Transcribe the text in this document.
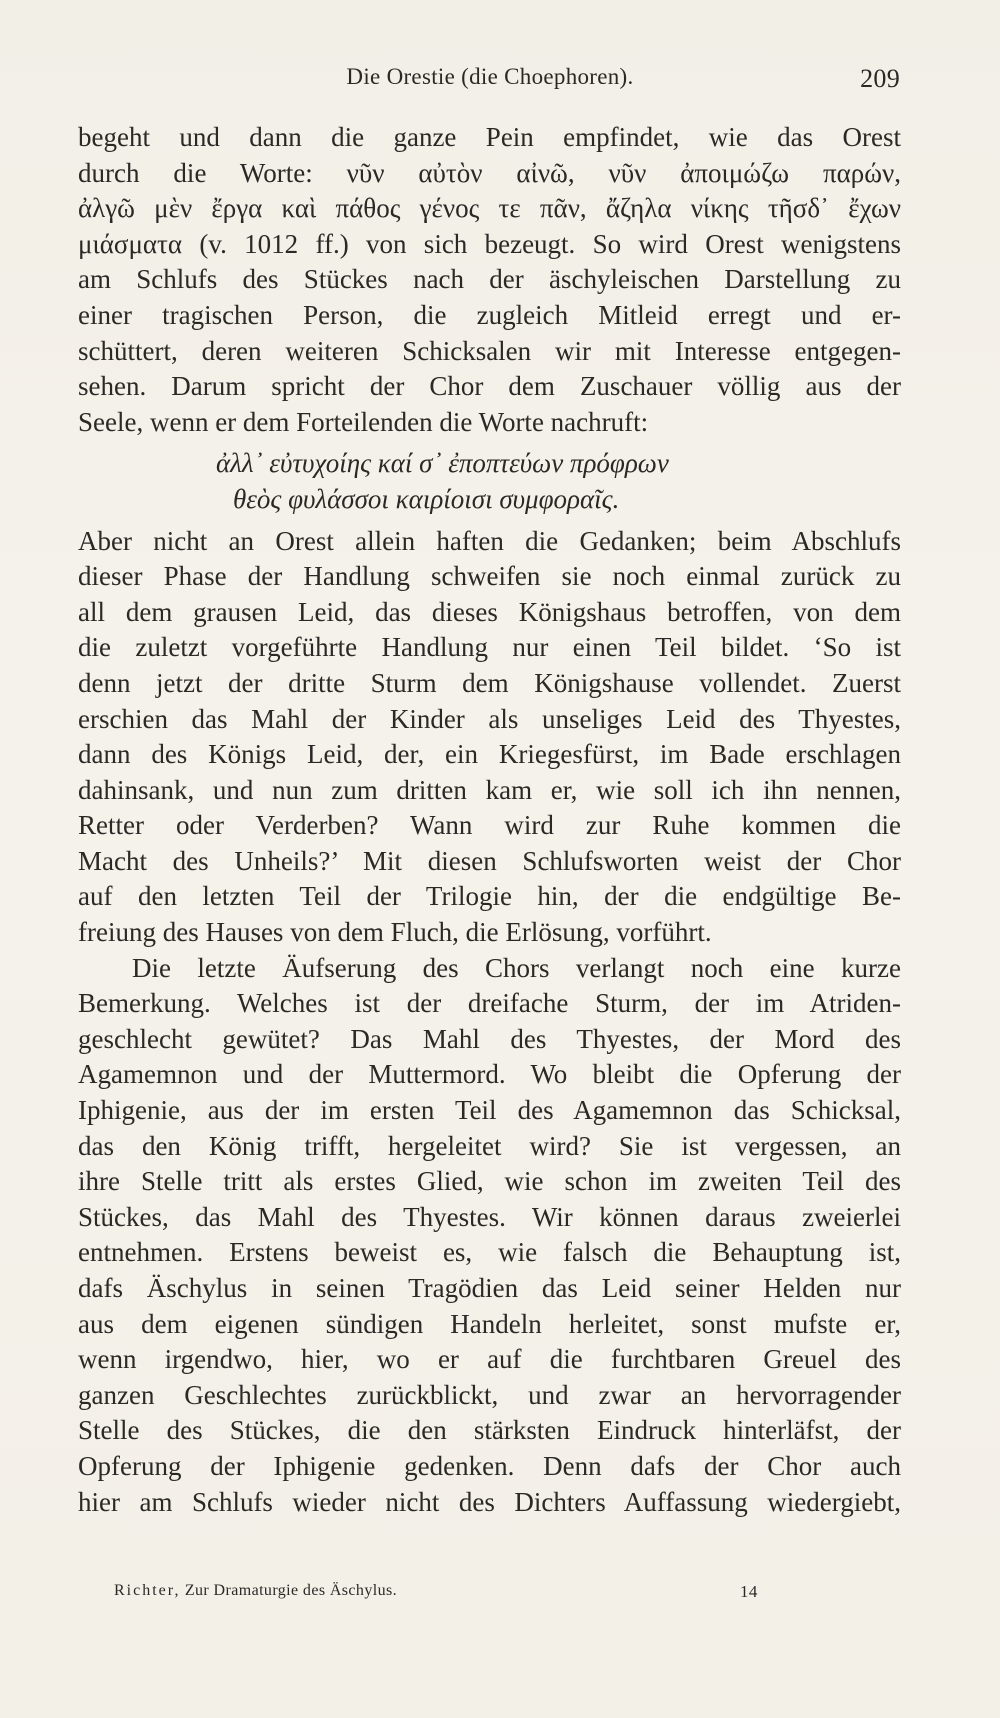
Die Orestie (die Choephoren).	209
begeht und dann die ganze Pein empfindet, wie das Orest
durch die Worte: νῦν αὐτὸν αἰνῶ, νῦν ἀποιμώζω παρών,
ἀλγῶ μὲν ἔργα καὶ πάθος γένος τε πᾶν, ἄζηλα νίκης τῆσδ᾽ ἔχων
μιάσματα (v. 1012 ff.) von sich bezeugt. So wird Orest wenigstens
am Schlufs des Stückes nach der äschyleischen Darstellung zu
einer tragischen Person, die zugleich Mitleid erregt und er-
schüttert, deren weiteren Schicksalen wir mit Interesse entgegen-
sehen. Darum spricht der Chor dem Zuschauer völlig aus der
Seele, wenn er dem Forteilenden die Worte nachruft:
ἀλλ᾽ εὐτυχοίης καί σ᾽ ἐποπτεύων πρόφρων
θεὸς φυλάσσοι καιρίοισι συμφοραῖς.
Aber nicht an Orest allein haften die Gedanken; beim Abschlufs
dieser Phase der Handlung schweifen sie noch einmal zurück zu
all dem grausen Leid, das dieses Königshaus betroffen, von dem
die zuletzt vorgeführte Handlung nur einen Teil bildet. ‘So ist
denn jetzt der dritte Sturm dem Königshause vollendet. Zuerst
erschien das Mahl der Kinder als unseliges Leid des Thyestes,
dann des Königs Leid, der, ein Kriegesfürst, im Bade erschlagen
dahinsank, und nun zum dritten kam er, wie soll ich ihn nennen,
Retter oder Verderben? Wann wird zur Ruhe kommen die
Macht des Unheils?’ Mit diesen Schlufsworten weist der Chor
auf den letzten Teil der Trilogie hin, der die endgültige Be-
freiung des Hauses von dem Fluch, die Erlösung, vorführt.
Die letzte Äufserung des Chors verlangt noch eine kurze
Bemerkung. Welches ist der dreifache Sturm, der im Atriden-
geschlecht gewütet? Das Mahl des Thyestes, der Mord des
Agamemnon und der Muttermord. Wo bleibt die Opferung der
Iphigenie, aus der im ersten Teil des Agamemnon das Schicksal,
das den König trifft, hergeleitet wird? Sie ist vergessen, an
ihre Stelle tritt als erstes Glied, wie schon im zweiten Teil des
Stückes, das Mahl des Thyestes. Wir können daraus zweierlei
entnehmen. Erstens beweist es, wie falsch die Behauptung ist,
dafs Äschylus in seinen Tragödien das Leid seiner Helden nur
aus dem eigenen sündigen Handeln herleitet, sonst mufste er,
wenn irgendwo, hier, wo er auf die furchtbaren Greuel des
ganzen Geschlechtes zurückblickt, und zwar an hervorragender
Stelle des Stückes, die den stärksten Eindruck hinterläfst, der
Opferung der Iphigenie gedenken. Denn dafs der Chor auch
hier am Schlufs wieder nicht des Dichters Auffassung wiedergiebt,
Richter, Zur Dramaturgie des Äschylus.	14
